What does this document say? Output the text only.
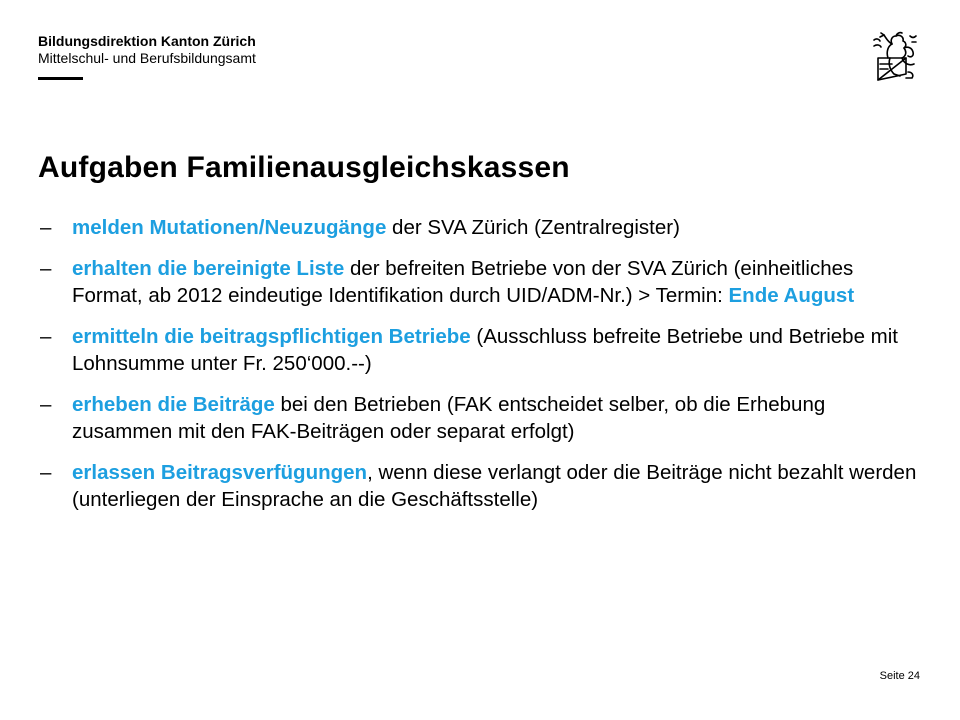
Bildungsdirektion Kanton Zürich

Mittelschul- und Berufsbildungsamt

Aufgaben Familienausgleichskassen
– melden Mutationen/Neuzugänge der SVA Zürich (Zentralregister)
– erhalten die bereinigte Liste der befreiten Betriebe von der SVA Zürich (einheitliches Format, ab 2012 eindeutige Identifikation durch UID/ADM-Nr.) > Termin: Ende August
– ermitteln die beitragspflichtigen Betriebe (Ausschluss befreite Betriebe und Betriebe mit Lohnsumme unter Fr. 250‘000.--)
– erheben die Beiträge bei den Betrieben (FAK entscheidet selber, ob die Erhebung zusammen mit den FAK-Beiträgen oder separat erfolgt)
– erlassen Beitragsverfügungen, wenn diese verlangt oder die Beiträge nicht bezahlt werden (unterliegen der Einsprache an die Geschäftsstelle)
Seite 24
